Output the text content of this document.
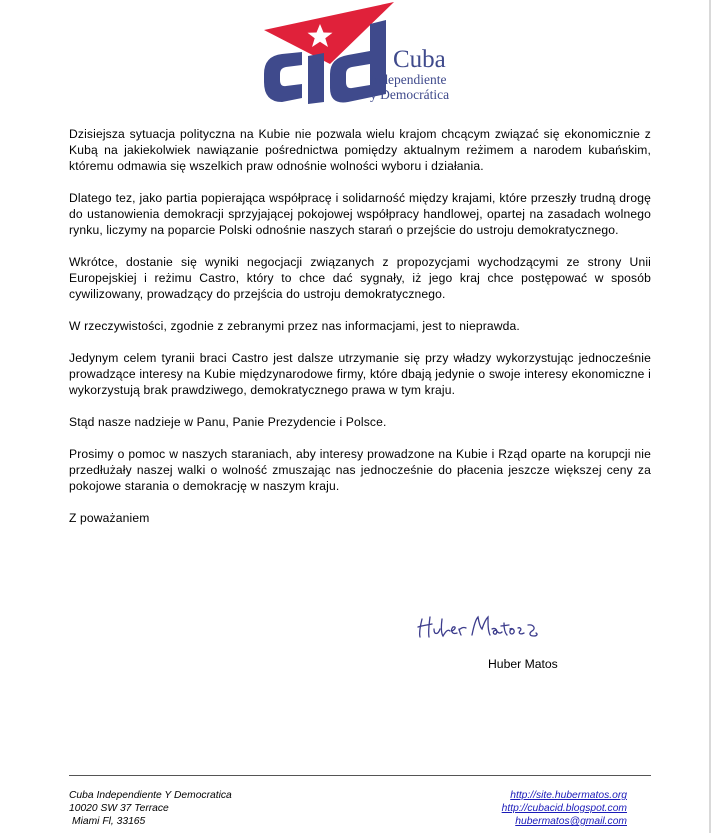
Cuba
Independiente
y Democrática

Dzisiejsza sytuacja polityczna na Kubie nie pozwala wielu krajom chcącym związać się ekonomicznie z Kubą na jakiekolwiek nawiązanie pośrednictwa pomiędzy aktualnym reżimem a narodem kubańskim, któremu odmawia się wszelkich praw odnośnie wolności wyboru i działania.

Dlatego tez, jako partia popierająca współpracę i solidarność między krajami, które przeszły trudną drogę do ustanowienia demokracji sprzyjającej pokojowej współpracy handlowej, opartej na zasadach wolnego rynku, liczymy na poparcie Polski odnośnie naszych starań o przejście do ustroju demokratycznego.

Wkrótce, dostanie się wyniki negocjacji związanych z propozycjami wychodzącymi ze strony Unii Europejskiej i reżimu Castro, który to chce dać sygnały, iż jego kraj chce postępować w sposób cywilizowany, prowadzący do przejścia do ustroju demokratycznego.

W rzeczywistości, zgodnie z zebranymi przez nas informacjami, jest to nieprawda.

Jedynym celem tyranii braci Castro jest dalsze utrzymanie się przy władzy wykorzystując jednocześnie prowadzące interesy na Kubie międzynarodowe firmy, które dbają jedynie o swoje interesy ekonomiczne i wykorzystują brak prawdziwego, demokratycznego prawa w tym kraju.

Stąd nasze nadzieje w Panu, Panie Prezydencie i Polsce.

Prosimy o pomoc w naszych staraniach, aby interesy prowadzone na Kubie i Rząd oparte na korupcji nie przedłużały naszej walki o wolność zmuszając nas jednocześnie do płacenia jeszcze większej ceny za pokojowe starania o demokrację w naszym kraju.

Z poważaniem

Huber Matos
Cuba Independiente Y Democratica
10020 SW 37 Terrace
Miami Fl, 33165
http://site.hubermatos.org
http://cubacid.blogspot.com
hubermatos@gmail.com
